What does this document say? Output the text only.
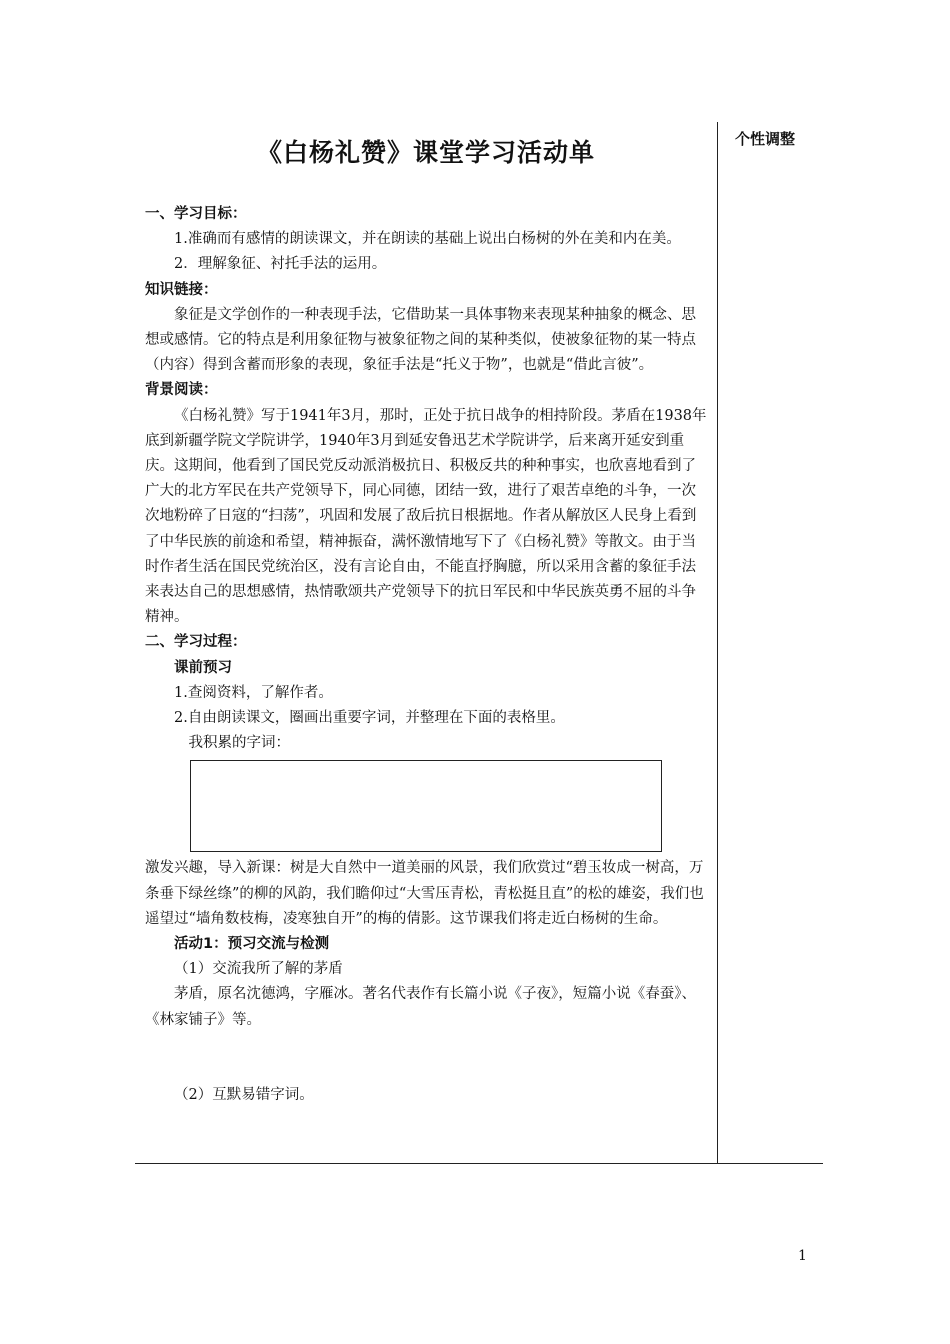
个性调整
《白杨礼赞》课堂学习活动单

一、学习目标：

1.准确而有感情的朗读课文，并在朗读的基础上说出白杨树的外在美和内在美。

2．理解象征、衬托手法的运用。

知识链接：

象征是文学创作的一种表现手法，它借助某一具体事物来表现某种抽象的概念、思想或感情。它的特点是利用象征物与被象征物之间的某种类似，使被象征物的某一特点（内容）得到含蓄而形象的表现，象征手法是“托义于物”，也就是“借此言彼”。

背景阅读：

《白杨礼赞》写于1941年3月，那时，正处于抗日战争的相持阶段。茅盾在1938年底到新疆学院文学院讲学，1940年3月到延安鲁迅艺术学院讲学，后来离开延安到重庆。这期间，他看到了国民党反动派消极抗日、积极反共的种种事实，也欣喜地看到了广大的北方军民在共产党领导下，同心同德，团结一致，进行了艰苦卓绝的斗争，一次次地粉碎了日寇的“扫荡”，巩固和发展了敌后抗日根据地。作者从解放区人民身上看到了中华民族的前途和希望，精神振奋，满怀激情地写下了《白杨礼赞》等散文。由于当时作者生活在国民党统治区，没有言论自由，不能直抒胸臆，所以采用含蓄的象征手法来表达自己的思想感情，热情歌颂共产党领导下的抗日军民和中华民族英勇不屈的斗争精神。

二、学习过程：

课前预习

1.查阅资料，了解作者。

2.自由朗读课文，圈画出重要字词，并整理在下面的表格里。

我积累的字词：

激发兴趣，导入新课：树是大自然中一道美丽的风景，我们欣赏过“碧玉妆成一树高，万条垂下绿丝绦”的柳的风韵，我们瞻仰过“大雪压青松，青松挺且直”的松的雄姿，我们也遥望过“墙角数枝梅，凌寒独自开”的梅的倩影。这节课我们将走近白杨树的生命。

活动1：预习交流与检测

（1）交流我所了解的茅盾

茅盾，原名沈德鸿，字雁冰。著名代表作有长篇小说《子夜》，短篇小说《春蚕》、《林家铺子》等。

（2）互默易错字词。

1
